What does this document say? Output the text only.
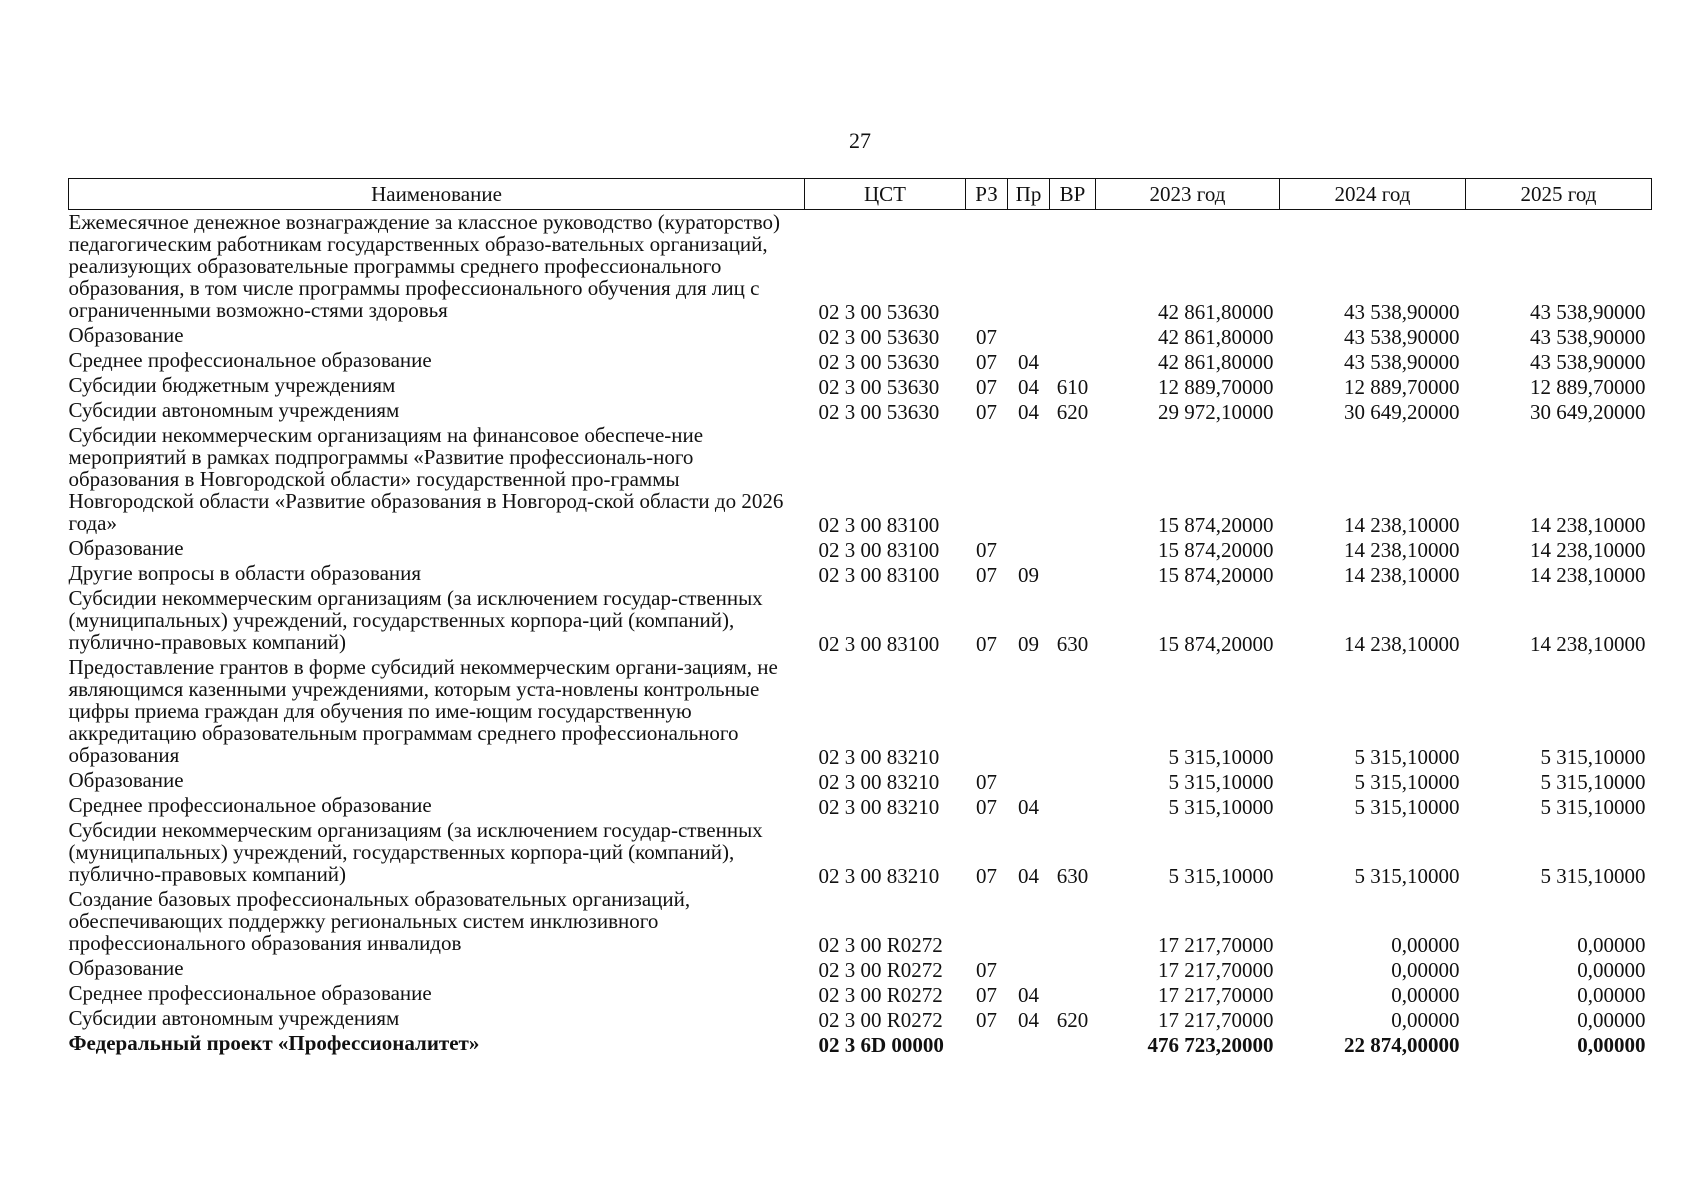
27
Наименование	ЦСТ	РЗ	Пр	ВР	2023 год	2024 год	2025 год
Ежемесячное денежное вознаграждение за классное руководство (кураторство) педагогическим работникам государственных образо-вательных организаций, реализующих образовательные программы среднего профессионального образования, в том числе программы профессионального обучения для лиц с ограниченными возможно-стями здоровья	02 3 00 53630				42 861,80000	43 538,90000	43 538,90000
Образование	02 3 00 53630	07			42 861,80000	43 538,90000	43 538,90000
Среднее профессиональное образование	02 3 00 53630	07	04		42 861,80000	43 538,90000	43 538,90000
Субсидии бюджетным учреждениям	02 3 00 53630	07	04	610	12 889,70000	12 889,70000	12 889,70000
Субсидии автономным учреждениям	02 3 00 53630	07	04	620	29 972,10000	30 649,20000	30 649,20000
Субсидии некоммерческим организациям на финансовое обеспече-ние мероприятий в рамках подпрограммы «Развитие профессиональ-ного образования в Новгородской области» государственной про-граммы Новгородской области «Развитие образования в Новгород-ской области до 2026 года»	02 3 00 83100				15 874,20000	14 238,10000	14 238,10000
Образование	02 3 00 83100	07			15 874,20000	14 238,10000	14 238,10000
Другие вопросы в области образования	02 3 00 83100	07	09		15 874,20000	14 238,10000	14 238,10000
Субсидии некоммерческим организациям (за исключением государ-ственных (муниципальных) учреждений, государственных корпора-ций (компаний), публично-правовых компаний)	02 3 00 83100	07	09	630	15 874,20000	14 238,10000	14 238,10000
Предоставление грантов в форме субсидий некоммерческим органи-зациям, не являющимся казенными учреждениями, которым уста-новлены контрольные цифры приема граждан для обучения по име-ющим государственную аккредитацию образовательным программам среднего профессионального образования	02 3 00 83210				5 315,10000	5 315,10000	5 315,10000
Образование	02 3 00 83210	07			5 315,10000	5 315,10000	5 315,10000
Среднее профессиональное образование	02 3 00 83210	07	04		5 315,10000	5 315,10000	5 315,10000
Субсидии некоммерческим организациям (за исключением государ-ственных (муниципальных) учреждений, государственных корпора-ций (компаний), публично-правовых компаний)	02 3 00 83210	07	04	630	5 315,10000	5 315,10000	5 315,10000
Создание базовых профессиональных образовательных организаций, обеспечивающих поддержку региональных систем инклюзивного профессионального образования инвалидов	02 3 00 R0272				17 217,70000	0,00000	0,00000
Образование	02 3 00 R0272	07			17 217,70000	0,00000	0,00000
Среднее профессиональное образование	02 3 00 R0272	07	04		17 217,70000	0,00000	0,00000
Субсидии автономным учреждениям	02 3 00 R0272	07	04	620	17 217,70000	0,00000	0,00000
Федеральный проект «Профессионалитет»	02 3 6D 00000				476 723,20000	22 874,00000	0,00000
